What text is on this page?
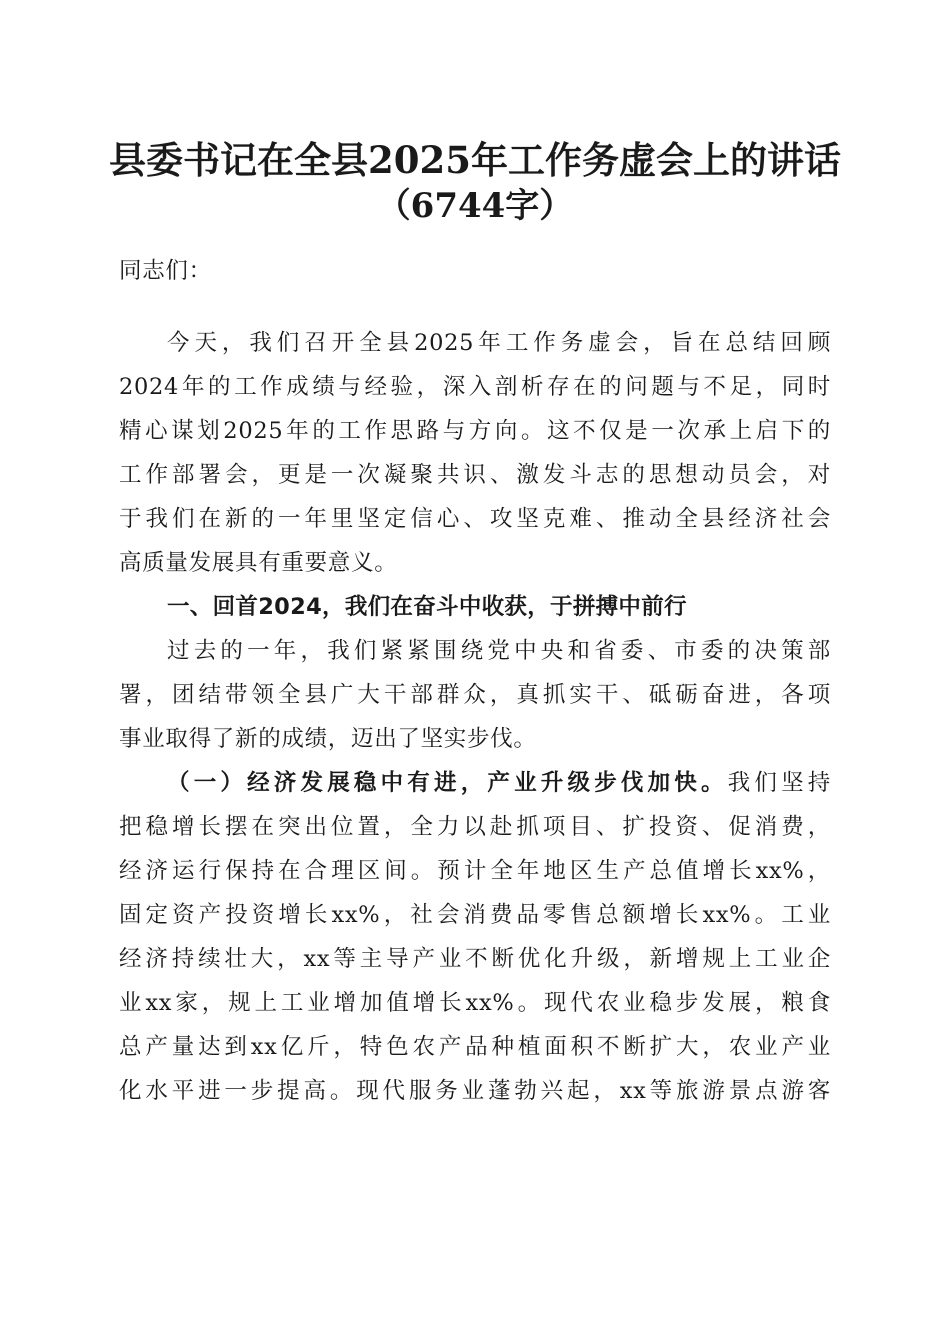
县委书记在全县2025年工作务虚会上的讲话
（6744字）
同志们：
今天，我们召开全县2025年工作务虚会，旨在总结回顾
2024年的工作成绩与经验，深入剖析存在的问题与不足，同时
精心谋划2025年的工作思路与方向。这不仅是一次承上启下的
工作部署会，更是一次凝聚共识、激发斗志的思想动员会，对
于我们在新的一年里坚定信心、攻坚克难、推动全县经济社会
高质量发展具有重要意义。
一、回首2024，我们在奋斗中收获，于拼搏中前行
过去的一年，我们紧紧围绕党中央和省委、市委的决策部
署，团结带领全县广大干部群众，真抓实干、砥砺奋进，各项
事业取得了新的成绩，迈出了坚实步伐。
（一）经济发展稳中有进，产业升级步伐加快。我们坚持
把稳增长摆在突出位置，全力以赴抓项目、扩投资、促消费，
经济运行保持在合理区间。预计全年地区生产总值增长xx%，
固定资产投资增长xx%，社会消费品零售总额增长xx%。工业
经济持续壮大，xx等主导产业不断优化升级，新增规上工业企
业xx家，规上工业增加值增长xx%。现代农业稳步发展，粮食
总产量达到xx亿斤，特色农产品种植面积不断扩大，农业产业
化水平进一步提高。现代服务业蓬勃兴起，xx等旅游景点游客
